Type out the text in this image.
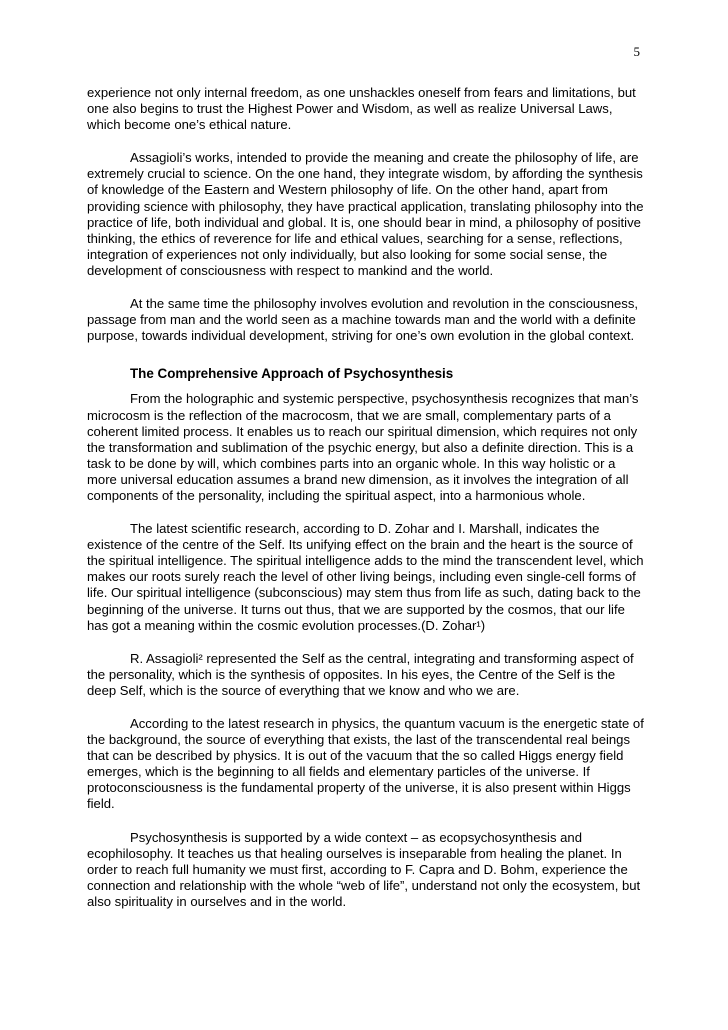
5

experience not only internal freedom, as one unshackles oneself from fears and limitations, but one also begins to trust the Highest Power and Wisdom, as well as realize Universal Laws, which become one’s ethical nature.

Assagioli’s works, intended to provide the meaning and create the philosophy of life, are extremely crucial to science. On the one hand, they integrate wisdom, by affording the synthesis of knowledge of the Eastern and Western philosophy of life. On the other hand, apart from providing science with philosophy, they have practical application, translating philosophy into the practice of life, both individual and global. It is, one should bear in mind, a philosophy of positive thinking, the ethics of reverence for life and ethical values, searching for a sense, reflections, integration of experiences not only individually, but also looking for some social sense, the development of consciousness with respect to mankind and the world.

At the same time the philosophy involves evolution and revolution in the consciousness, passage from man and the world seen as a machine towards man and the world with a definite purpose, towards individual development, striving for one’s own evolution in the global context.

The Comprehensive Approach of Psychosynthesis

From the holographic and systemic perspective, psychosynthesis recognizes that man’s microcosm is the reflection of the macrocosm, that we are small, complementary parts of a coherent limited process. It enables us to reach our spiritual dimension, which requires not only the transformation and sublimation of the psychic energy, but also a definite direction. This is a task to be done by will, which combines parts into an organic whole. In this way holistic or a more universal education assumes a brand new dimension, as it involves the integration of all components of the personality, including the spiritual aspect, into a harmonious whole.

The latest scientific research, according to D. Zohar and I. Marshall, indicates the existence of the centre of the Self. Its unifying effect on the brain and the heart is the source of the spiritual intelligence. The spiritual intelligence adds to the mind the transcendent level, which makes our roots surely reach the level of other living beings, including even single-cell forms of life. Our spiritual intelligence (subconscious) may stem thus from life as such, dating back to the beginning of the universe. It turns out thus, that we are supported by the cosmos, that our life has got a meaning within the cosmic evolution processes.(D. Zohar¹)

R. Assagioli² represented the Self as the central, integrating and transforming aspect of the personality, which is the synthesis of opposites. In his eyes, the Centre of the Self is the deep Self, which is the source of everything that we know and who we are.

According to the latest research in physics, the quantum vacuum is the energetic state of the background, the source of everything that exists, the last of the transcendental real beings that can be described by physics. It is out of the vacuum that the so called Higgs energy field emerges, which is the beginning to all fields and elementary particles of the universe. If protoconsciousness is the fundamental property of the universe, it is also present within Higgs field.

Psychosynthesis is supported by a wide context – as ecopsychosynthesis and ecophilosophy. It teaches us that healing ourselves is inseparable from healing the planet. In order to reach full humanity we must first, according to F. Capra and D. Bohm, experience the connection and relationship with the whole “web of life”, understand not only the ecosystem, but also spirituality in ourselves and in the world.
